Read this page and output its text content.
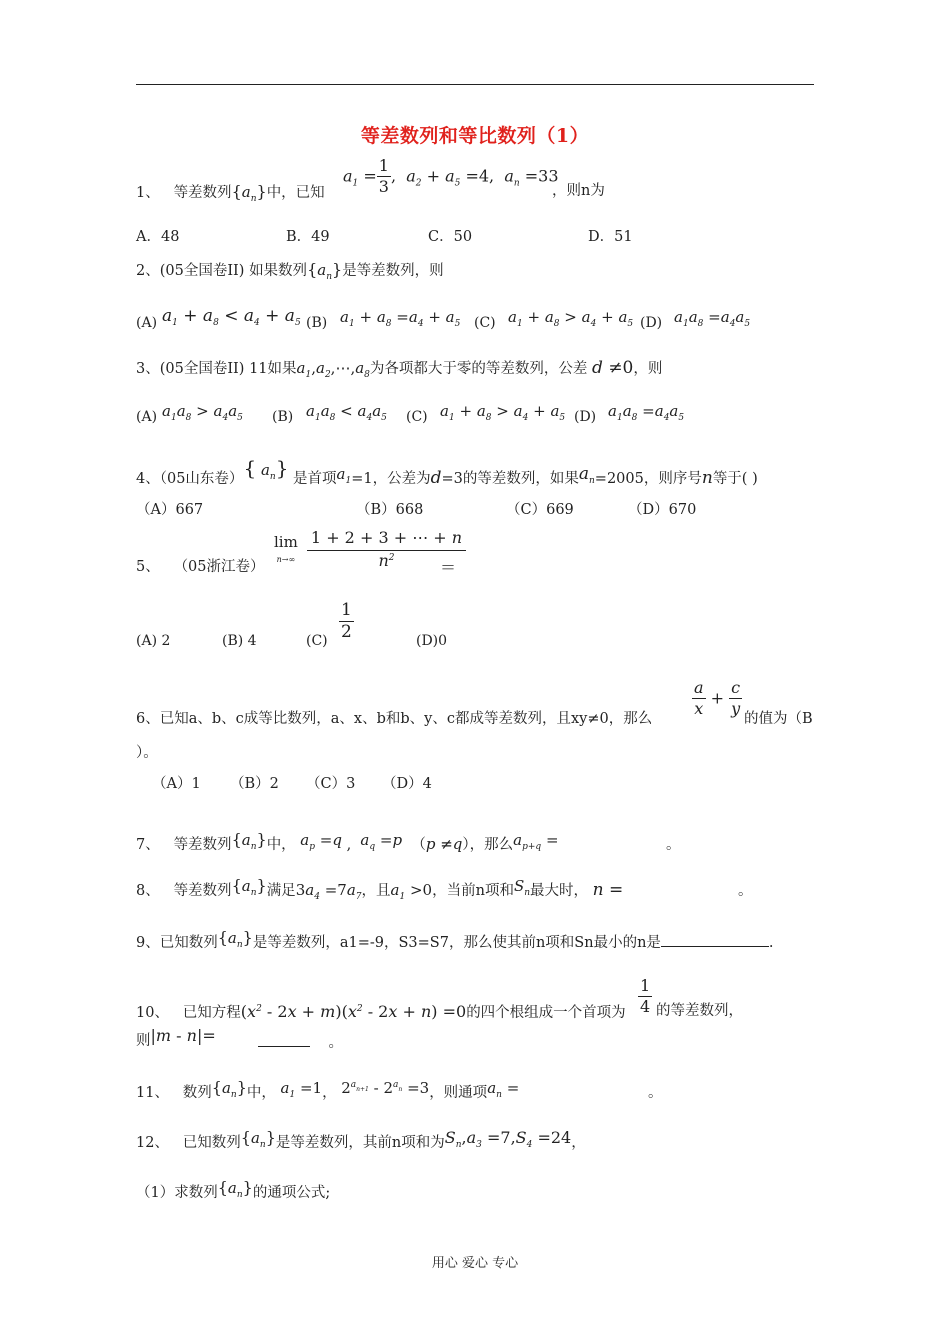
等差数列和等比数列（1）
1、 等差数列$\{a_n\}$中，已知
$a_1 = \frac{1}{3}$ ,  $a_2 + a_5 =4$,  $a_n =33$
，则n为
A．48	B．49	C．50	D．51
2、(05全国卷II) 如果数列$\{a_n\}$是等差数列，则
(A) $a_1 + a_8 < a_4 + a_5$ (B) $a_1 + a_8 =a_4 + a_5$ (C) $a_1 + a_8 > a_4 + a_5$ (D) $a_1a_8 =a_4a_5$
3、(05全国卷II) 11如果$a_1,a_2,\cdots,a_8$为各项都大于零的等差数列，公差 d ≠0，则
(A) $a_1a_8 > a_4a_5$ (B) $a_1a_8 < a_4a_5$ (C) $a_1 + a_8 > a_4 + a_5$ (D) $a_1a_8 =a_4a_5$
4、（05山东卷）{ $a_n$} 是首项$a_1=1$，公差为d=3的等差数列，如果$a_n=2005$，则序号n等于( )
（A）667	（B）668	（C）669	（D）670
5、 （05浙江卷）
lim
$n\to\infty \frac{1 + 2 + 3 + \cdots + n}{n^2}$
＝
(A) 2	(B) 4	$(C) \frac{1}{2}$	(D)0
6、已知a、b、c成等比数列，a、x、b和b、y、c都成等差数列，且xy≠0，那么
$\frac{a}{x} + \frac{c}{y}$
的值为（B
）。
（A）1 （B）2 （C）3 （D）4
7、 等差数列$\{a_n\}$中， $a_p =q$ , $a_q =p$ （p ≠q），那么$a_{p+q}$ =	。
8、 等差数列$\{a_n\}$满足$3a_4 =7a_7$，且$a_1 >0$，当前n项和$S_n$最大时， n =	。
9、已知数列$\{a_n\}$是等差数列，a1=-9，S3=S7，那么使其前n项和Sn最小的n是	.
10、 已知方程$(x^2 - 2x + m)(x^2 - 2x + n) =0$的四个根组成一个首项为 $\frac{1}{4}$ 的等差数列，
则|m - n|=	。
11、 数列$\{a_n\}$中， $a_1 =1$， $2^{a_{n+1}} - 2^{a_n} =3$，则通项$a_n$ =	。
12、 已知数列$\{a_n\}$是等差数列，其前n项和为$S_n,a_3 =7,S_4 =24$，
（1）求数列$\{a_n\}$的通项公式;
用心 爱心 专心
